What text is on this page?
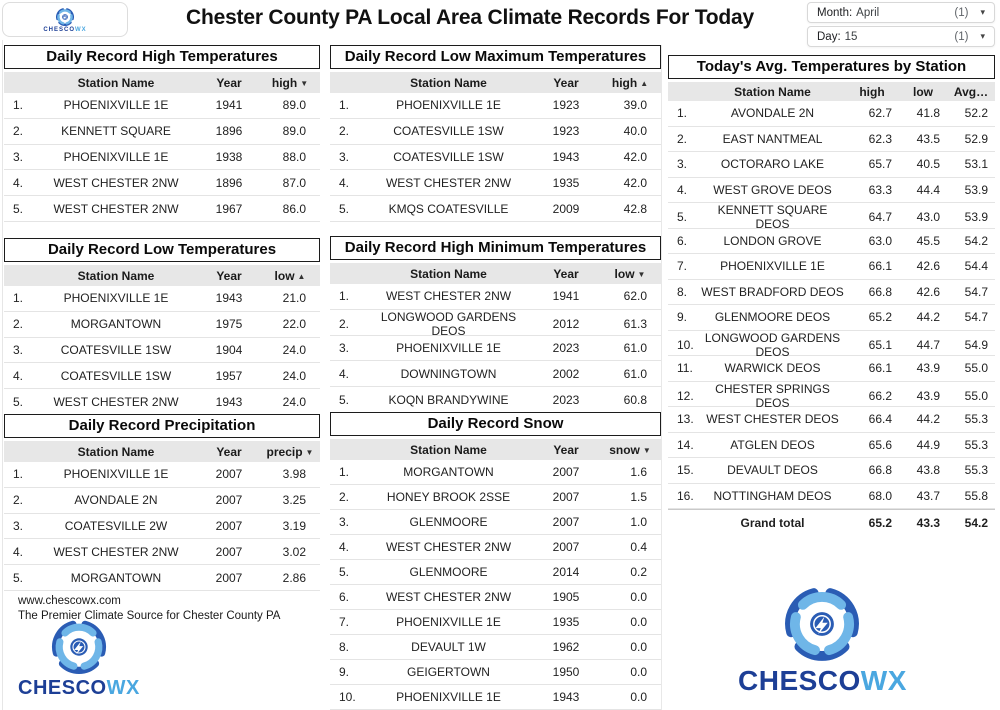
CHESCOWX
Chester County PA Local Area Climate Records For Today	Month: April	(1) ▾
Day: 15	(1) ▾
Daily Record High Temperatures
Station Name	Year	high ▼
1.	PHOENIXVILLE 1E	1941	89.0
2.	KENNETT SQUARE	1896	89.0
3.	PHOENIXVILLE 1E	1938	88.0
4.	WEST CHESTER 2NW	1896	87.0
5.	WEST CHESTER 2NW	1967	86.0
Daily Record Low Temperatures
Station Name	Year	low ▲
1.	PHOENIXVILLE 1E	1943	21.0
2.	MORGANTOWN	1975	22.0
3.	COATESVILLE 1SW	1904	24.0
4.	COATESVILLE 1SW	1957	24.0
5.	WEST CHESTER 2NW	1943	24.0
Daily Record Precipitation
Station Name	Year	precip ▼
1.	PHOENIXVILLE 1E	2007	3.98
2.	AVONDALE 2N	2007	3.25
3.	COATESVILLE 2W	2007	3.19
4.	WEST CHESTER 2NW	2007	3.02
5.	MORGANTOWN	2007	2.86
www.chescowx.com
The Premier Climate Source for Chester County PA
CHESCOWX
Daily Record Low Maximum Temperatures
Station Name	Year	high ▲
1.	PHOENIXVILLE 1E	1923	39.0
2.	COATESVILLE 1SW	1923	40.0
3.	COATESVILLE 1SW	1943	42.0
4.	WEST CHESTER 2NW	1935	42.0
5.	KMQS COATESVILLE	2009	42.8
Daily Record High Minimum Temperatures
Station Name	Year	low ▼
1.	WEST CHESTER 2NW	1941	62.0
2.	LONGWOOD GARDENS DEOS	2012	61.3
3.	PHOENIXVILLE 1E	2023	61.0
4.	DOWNINGTOWN	2002	61.0
5.	KOQN BRANDYWINE	2023	60.8
Daily Record Snow
Station Name	Year	snow ▼
1.	MORGANTOWN	2007	1.6
2.	HONEY BROOK 2SSE	2007	1.5
3.	GLENMOORE	2007	1.0
4.	WEST CHESTER 2NW	2007	0.4
5.	GLENMOORE	2014	0.2
6.	WEST CHESTER 2NW	1905	0.0
7.	PHOENIXVILLE 1E	1935	0.0
8.	DEVAULT 1W	1962	0.0
9.	GEIGERTOWN	1950	0.0
10.	PHOENIXVILLE 1E	1943	0.0
Today's Avg. Temperatures by Station
Station Name	high	low	Avg…
1.	AVONDALE 2N	62.7	41.8	52.2
2.	EAST NANTMEAL	62.3	43.5	52.9
3.	OCTORARO LAKE	65.7	40.5	53.1
4.	WEST GROVE DEOS	63.3	44.4	53.9
5.	KENNETT SQUARE DEOS	64.7	43.0	53.9
6.	LONDON GROVE	63.0	45.5	54.2
7.	PHOENIXVILLE 1E	66.1	42.6	54.4
8.	WEST BRADFORD DEOS	66.8	42.6	54.7
9.	GLENMOORE DEOS	65.2	44.2	54.7
10. LONGWOOD GARDENS DEOS	65.1	44.7	54.9
11.	WARWICK DEOS	66.1	43.9	55.0
12.	CHESTER SPRINGS DEOS	66.2	43.9	55.0
13.	WEST CHESTER DEOS	66.4	44.2	55.3
14.	ATGLEN DEOS	65.6	44.9	55.3
15.	DEVAULT DEOS	66.8	43.8	55.3
16.	NOTTINGHAM DEOS	68.0	43.7	55.8
Grand total	65.2	43.3	54.2
CHESCOWX
